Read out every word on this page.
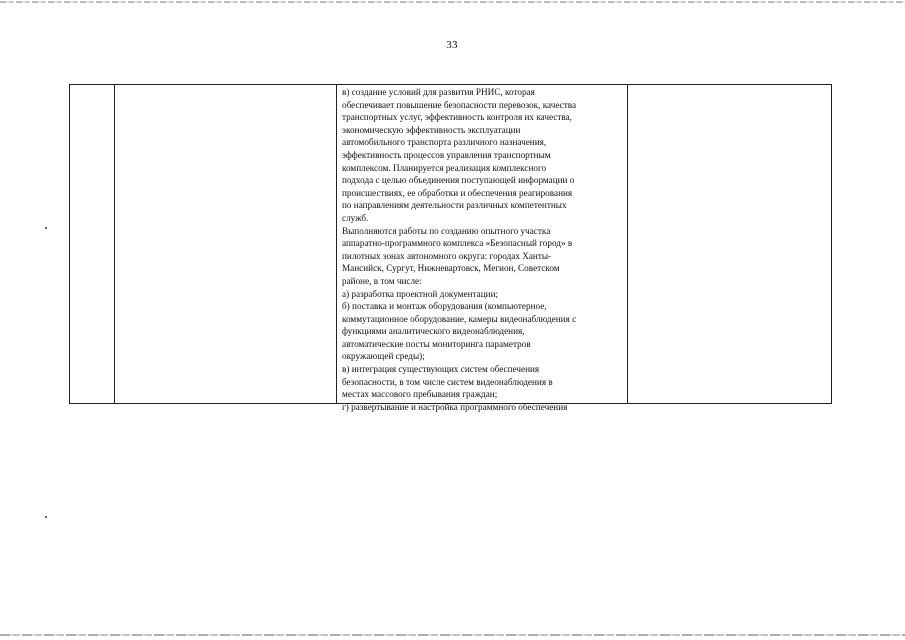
33
в) создание условий для развития РНИС, которая
обеспечивает повышение безопасности перевозок, качества
транспортных услуг, эффективность контроля их качества,
экономическую эффективность эксплуатации
автомобильного транспорта различного назначения,
эффективность процессов управления транспортным
комплексом. Планируется реализация комплексного
подхода с целью объединения поступающей информации о
происшествиях, ее обработки и обеспечения реагирования
по направлениям деятельности различных компетентных
служб.
Выполняются работы по созданию опытного участка
аппаратно-программного комплекса «Безопасный город» в
пилотных зонах автономного округа: городах Ханты-
Мансийск, Сургут, Нижневартовск, Мегион, Советском
районе, в том числе:
а) разработка проектной документации;
б) поставка и монтаж оборудования (компьютерное,
коммутационное оборудование, камеры видеонаблюдения с
функциями аналитического видеонаблюдения,
автоматические посты мониторинга параметров
окружающей среды);
в) интеграция существующих систем обеспечения
безопасности, в том числе систем видеонаблюдения в
местах массового пребывания граждан;
г) развертывание и настройка программного обеспечения
